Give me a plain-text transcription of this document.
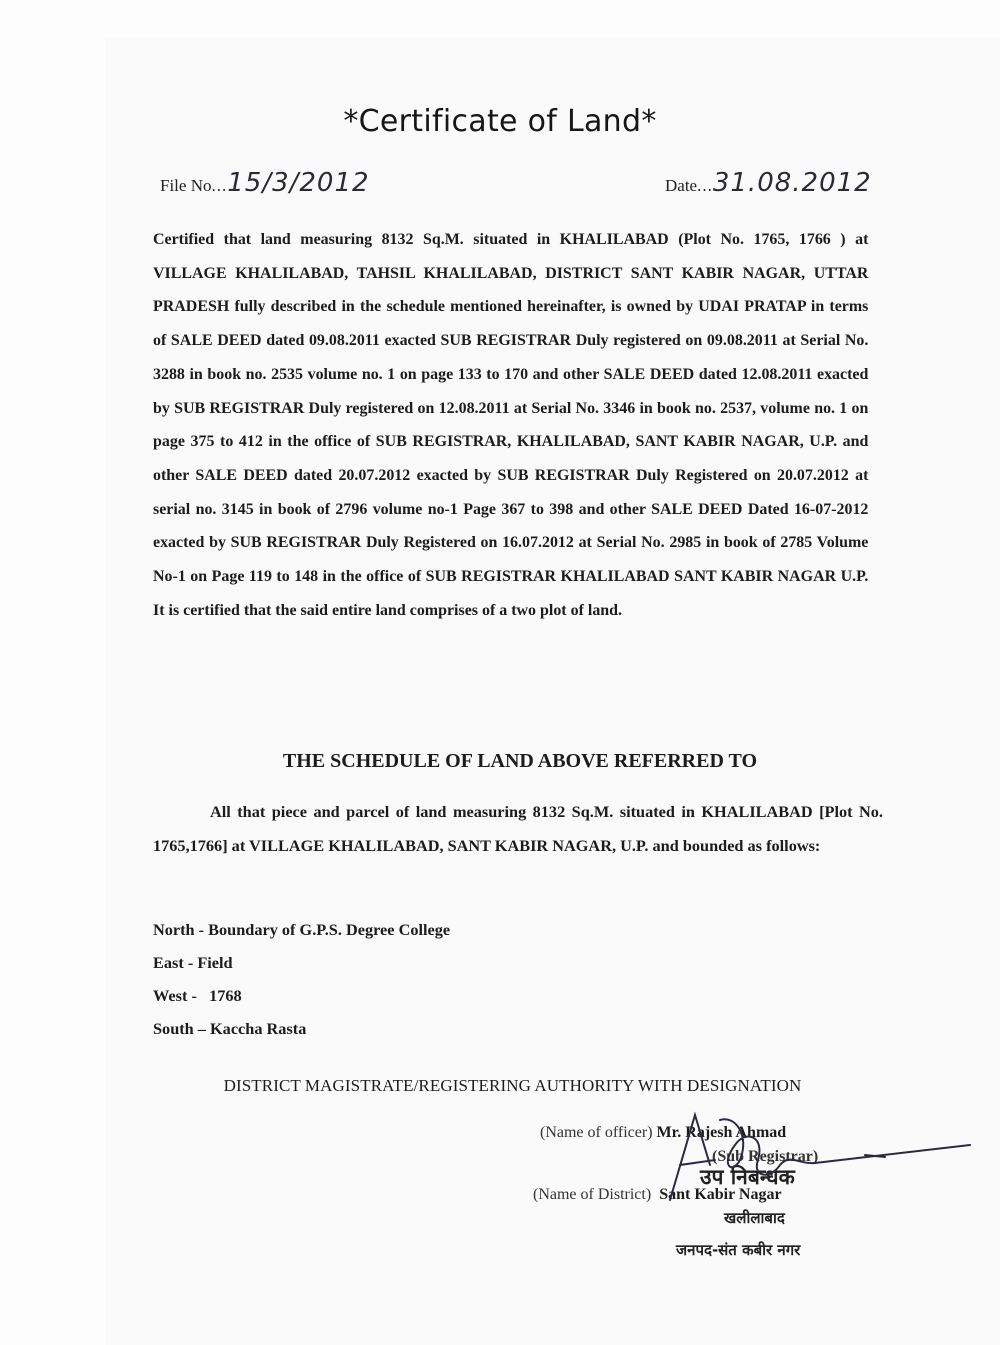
*Certificate of Land*
File No...15/3/2012	Date...31.08.2012
Certified that land measuring 8132 Sq.M. situated in KHALILABAD (Plot No. 1765, 1766 ) at VILLAGE KHALILABAD, TAHSIL KHALILABAD, DISTRICT SANT KABIR NAGAR, UTTAR PRADESH fully described in the schedule mentioned hereinafter, is owned by UDAI PRATAP in terms of SALE DEED dated 09.08.2011 exacted SUB REGISTRAR Duly registered on 09.08.2011 at Serial No. 3288 in book no. 2535 volume no. 1 on page 133 to 170 and other SALE DEED dated 12.08.2011 exacted by SUB REGISTRAR Duly registered on 12.08.2011 at Serial No. 3346 in book no. 2537, volume no. 1 on page 375 to 412 in the office of SUB REGISTRAR, KHALILABAD, SANT KABIR NAGAR, U.P. and other SALE DEED dated 20.07.2012 exacted by SUB REGISTRAR Duly Registered on 20.07.2012 at serial no. 3145 in book of 2796 volume no-1 Page 367 to 398 and other SALE DEED Dated 16-07-2012 exacted by SUB REGISTRAR Duly Registered on 16.07.2012 at Serial No. 2985 in book of 2785 Volume No-1 on Page 119 to 148 in the office of SUB REGISTRAR KHALILABAD SANT KABIR NAGAR U.P. It is certified that the said entire land comprises of a two plot of land.
THE SCHEDULE OF LAND ABOVE REFERRED TO
All that piece and parcel of land measuring 8132 Sq.M. situated in KHALILABAD [Plot No. 1765,1766] at VILLAGE KHALILABAD, SANT KABIR NAGAR, U.P. and bounded as follows:
North - Boundary of G.P.S. Degree College
East - Field
West -   1768
South – Kaccha Rasta
DISTRICT MAGISTRATE/REGISTERING AUTHORITY WITH DESIGNATION
(Name of officer) Mr. Rajesh Ahmad
(Sub Registrar)
(Name of District) Sant Kabir Nagar
उप निबन्धक
खलीलाबाद
जनपद-संत कबीर नगर
